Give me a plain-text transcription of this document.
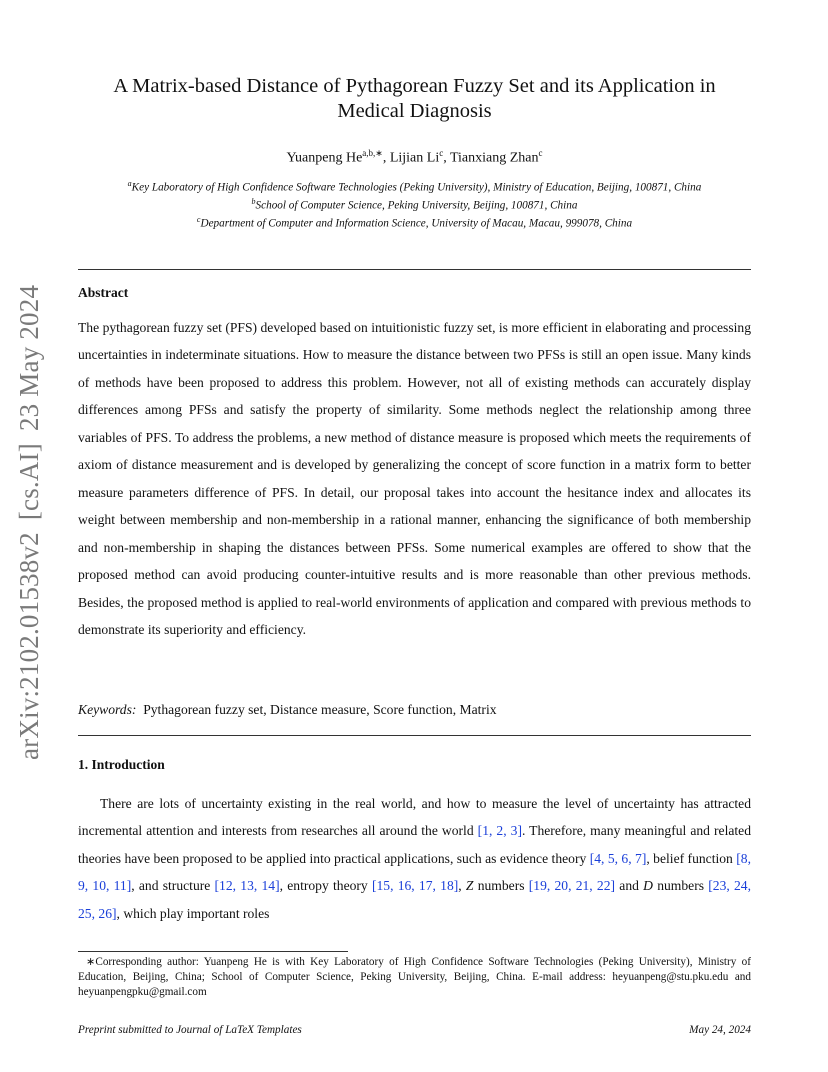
arXiv:2102.01538v2[cs.AI]23 May 2024
A Matrix-based Distance of Pythagorean Fuzzy Set and its Application in
Medical Diagnosis
Yuanpeng $He^{a,b,∗}$, Lijian Li$^c$, Tianxiang Zhan$^c$
$^a$Key Laboratory of High Confidence Software Technologies (Peking University), Ministry of Education, Beijing, 100871, China
$^b$School of Computer Science, Peking University, Beijing, 100871, China
$^c$Department of Computer and Information Science, University of Macau, Macau, 999078, China
Abstract

The pythagorean fuzzy set (PFS) developed based on intuitionistic fuzzy set, is more efficient in elaborating and processing uncertainties in indeterminate situations. How to measure the distance between two PFSs is still an open issue. Many kinds of methods have been proposed to address this problem. However, not all of existing methods can accurately display differences among PFSs and satisfy the property of similarity. Some methods neglect the relationship among three variables of PFS. To address the problems, a new method of distance measure is proposed which meets the requirements of axiom of distance measurement and is developed by generalizing the concept of score function in a matrix form to better measure parameters difference of PFS. In detail, our proposal takes into account the hesitance index and allocates its weight between membership and non-membership in a rational manner, enhancing the significance of both membership and non-membership in shaping the distances between PFSs. Some numerical examples are offered to show that the proposed method can avoid producing counter-intuitive results and is more reasonable than other previous methods. Besides, the proposed method is applied to real-world environments of application and compared with previous methods to demonstrate its superiority and efficiency.

Keywords: Pythagorean fuzzy set, Distance measure, Score function, Matrix
1. Introduction

There are lots of uncertainty existing in the real world, and how to measure the level of uncertainty has attracted incremental attention and interests from researches all around the world [1, 2, 3]. Therefore, many meaningful and related theories have been proposed to be applied into practical applications, such as evidence theory [4, 5, 6, 7], belief function [8, 9, 10, 11], and structure [12, 13, 14], entropy theory [15, 16, 17, 18], Z numbers [19, 20, 21, 22] and D numbers [23, 24, 25, 26], which play important roles

∗Corresponding author: Yuanpeng He is with Key Laboratory of High Confidence Software Technologies (Peking University), Ministry of Education, Beijing, China; School of Computer Science, Peking University, Beijing, China. E-mail address: heyuanpeng@stu.pku.edu and heyuanpengpku@gmail.com

Preprint submitted to Journal of LaTeX Templates	May 24, 2024
